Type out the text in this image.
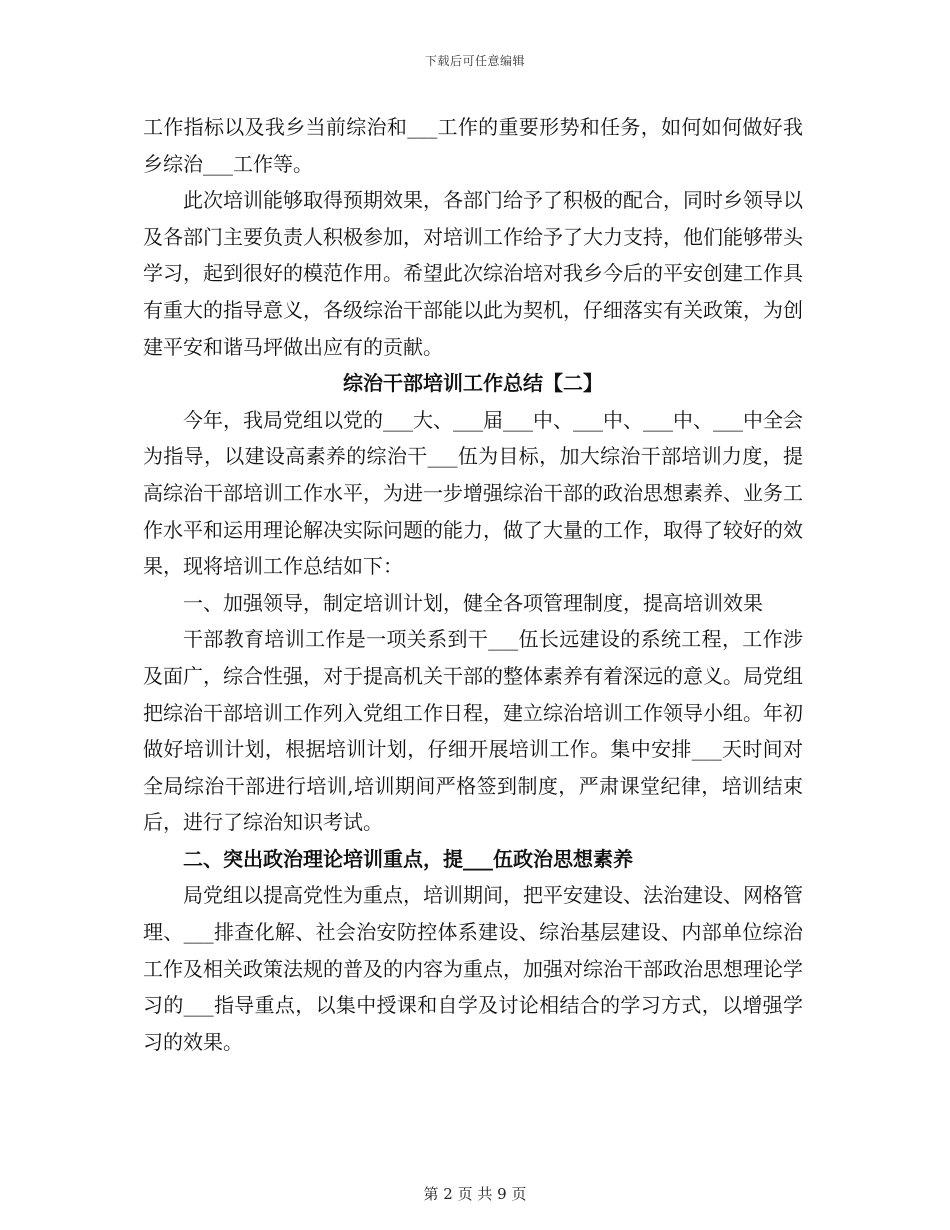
下载后可任意编辑

工作指标以及我乡当前综治和___工作的重要形势和任务，如何如何做好我乡综治___工作等。

此次培训能够取得预期效果，各部门给予了积极的配合，同时乡领导以及各部门主要负责人积极参加，对培训工作给予了大力支持，他们能够带头学习，起到很好的模范作用。希望此次综治培对我乡今后的平安创建工作具有重大的指导意义，各级综治干部能以此为契机，仔细落实有关政策，为创建平安和谐马坪做出应有的贡献。

综治干部培训工作总结【二】

今年，我局党组以党的___大、___届___中、___中、___中、___中全会为指导，以建设高素养的综治干___伍为目标，加大综治干部培训力度，提高综治干部培训工作水平，为进一步增强综治干部的政治思想素养、业务工作水平和运用理论解决实际问题的能力，做了大量的工作，取得了较好的效果，现将培训工作总结如下：

一、加强领导，制定培训计划，健全各项管理制度，提高培训效果

干部教育培训工作是一项关系到干___伍长远建设的系统工程，工作涉及面广，综合性强，对于提高机关干部的整体素养有着深远的意义。局党组把综治干部培训工作列入党组工作日程，建立综治培训工作领导小组。年初做好培训计划，根据培训计划，仔细开展培训工作。集中安排___天时间对全局综治干部进行培训,培训期间严格签到制度，严肃课堂纪律，培训结束后，进行了综治知识考试。

二、突出政治理论培训重点，提___伍政治思想素养

局党组以提高党性为重点，培训期间，把平安建设、法治建设、网格管理、___排查化解、社会治安防控体系建设、综治基层建设、内部单位综治工作及相关政策法规的普及的内容为重点，加强对综治干部政治思想理论学习的___指导重点，以集中授课和自学及讨论相结合的学习方式，以增强学习的效果。

第 2 页 共 9 页
